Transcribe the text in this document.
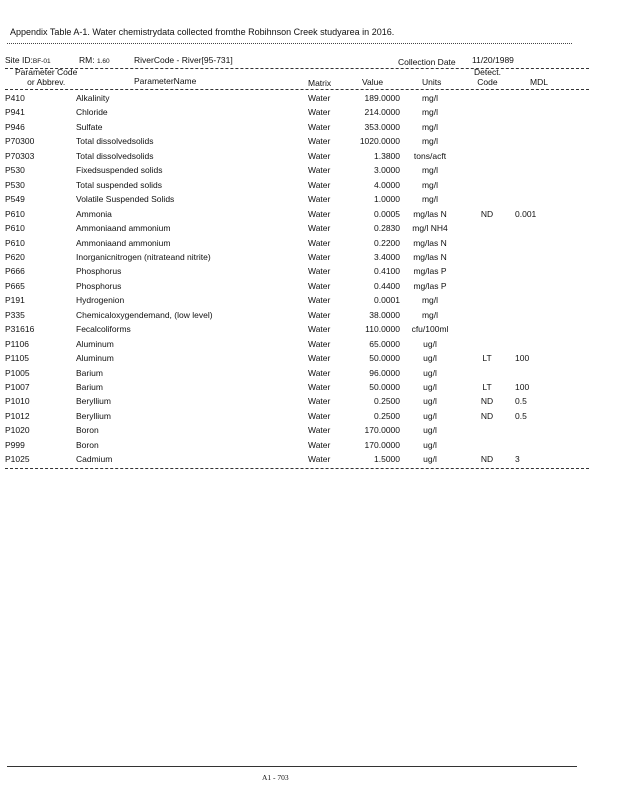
Appendix Table A-1. Water chemistrydata collected fromthe Robihnson Creek studyarea in 2016.
Site ID:BF-01	RM: 1.60	RiverCode - River[95-731]	Collection Date 11/20/1989
Parameter Code
or Abbrev.	ParameterName	Matrix	Value	Units
Detect.
Code	MDL
P410	Alkalinity	Water	189.0000	mg/l
P941	Chloride	Water	214.0000	mg/l
P946	Sulfate	Water	353.0000	mg/l
P70300	Total dissolvedsolids	Water	1020.0000	mg/l
P70303	Total dissolvedsolids	Water	1.3800	tons/acft
P530	Fixedsuspended solids	Water	3.0000	mg/l
P530	Total suspended solids	Water	4.0000	mg/l
P549	Volatile Suspended Solids	Water	1.0000	mg/l
P610	Ammonia	Water	0.0005	mg/las N	ND	0.001
P610	Ammoniaand ammonium	Water	0.2830	mg/l NH4
P610	Ammoniaand ammonium	Water	0.2200	mg/las N
P620	Inorganicnitrogen (nitrateand nitrite)	Water	3.4000	mg/las N
P666	Phosphorus	Water	0.4100	mg/las P
P665	Phosphorus	Water	0.4400	mg/las P
P191	Hydrogenion	Water	0.0001	mg/l
P335	Chemicaloxygendemand, (low level)	Water	38.0000	mg/l
P31616	Fecalcoliforms	Water	110.0000	cfu/100ml
P1106	Aluminum	Water	65.0000	ug/l
P1105	Aluminum	Water	50.0000	ug/l	LT	100
P1005	Barium	Water	96.0000	ug/l
P1007	Barium	Water	50.0000	ug/l	LT	100
P1010	Beryllium	Water	0.2500	ug/l	ND	0.5
P1012	Beryllium	Water	0.2500	ug/l	ND	0.5
P1020	Boron	Water	170.0000	ug/l
P999	Boron	Water	170.0000	ug/l
P1025	Cadmium	Water	1.5000	ug/l	ND	3
A1 - 703
